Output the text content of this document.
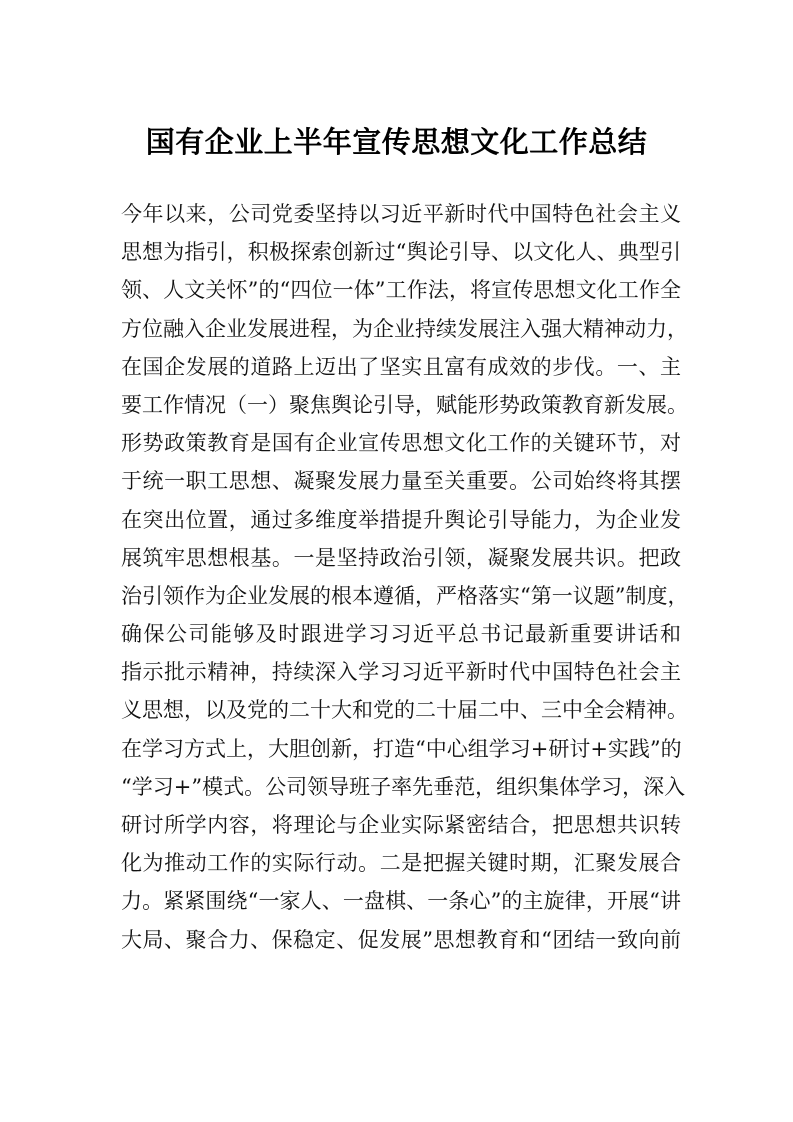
国有企业上半年宣传思想文化工作总结
今年以来，公司党委坚持以习近平新时代中国特色社会主义
思想为指引，积极探索创新过“舆论引导、以文化人、典型引
领、人文关怀”的“四位一体”工作法，将宣传思想文化工作全
方位融入企业发展进程，为企业持续发展注入强大精神动力，
在国企发展的道路上迈出了坚实且富有成效的步伐。一、主
要工作情况（一）聚焦舆论引导，赋能形势政策教育新发展。
形势政策教育是国有企业宣传思想文化工作的关键环节，对
于统一职工思想、凝聚发展力量至关重要。公司始终将其摆
在突出位置，通过多维度举措提升舆论引导能力，为企业发
展筑牢思想根基。一是坚持政治引领，凝聚发展共识。把政
治引领作为企业发展的根本遵循，严格落实“第一议题”制度，
确保公司能够及时跟进学习习近平总书记最新重要讲话和
指示批示精神，持续深入学习习近平新时代中国特色社会主
义思想，以及党的二十大和党的二十届二中、三中全会精神。
在学习方式上，大胆创新，打造“中心组学习+研讨+实践”的
“学习+”模式。公司领导班子率先垂范，组织集体学习，深入
研讨所学内容，将理论与企业实际紧密结合，把思想共识转
化为推动工作的实际行动。二是把握关键时期，汇聚发展合
力。紧紧围绕“一家人、一盘棋、一条心”的主旋律，开展“讲
大局、聚合力、保稳定、促发展”思想教育和“团结一致向前
